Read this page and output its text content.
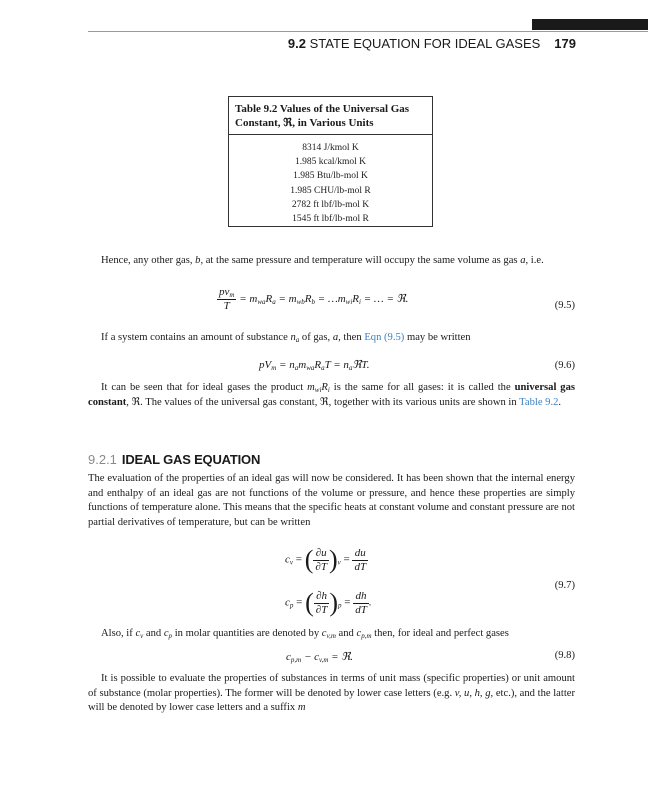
9.2 STATE EQUATION FOR IDEAL GASES 179
Table 9.2 Values of the Universal Gas
Constant, ℜ, in Various Units
8314 J/kmol K
1.985 kcal/kmol K
1.985 Btu/lb-mol K
1.985 CHU/lb-mol R
2782 ft lbf/lb-mol K
1545 ft lbf/lb-mol R

Hence, any other gas, b, at the same pressure and temperature will occupy the same volume as gas a, i.e.

$\frac{pv_m}{T} = m_{wa}R_a = m_{wb}R_b$ = $\dots m_{wi}R_i$ = … = ℜ.
(9.5)

If a system contains an amount of substance $n_a$ of gas, a, then Eqn (9.5) may be written

$pV_m = n_am_{wa}R_aT$ = $n_aℜT$.	(9.6)

It can be seen that for ideal gases the product $m_{wi}R_i$ is the same for all gases: it is called the universal gas constant, ℜ. The values of the universal gas constant, ℜ, together with its various units are shown in Table 9.2.

9.2.1 IDEAL GAS EQUATION

The evaluation of the properties of an ideal gas will now be considered. It has been shown that the internal energy and enthalpy of an ideal gas are not functions of the volume or pressure, and hence these properties are simply functions of temperature alone. This means that the specific heats at constant volume and constant pressure are not partial derivatives of temperature, but can be written

$c_v$ = ( $\frac{\partial u}{\partial T} )_v = \frac{du}{dT}$
$c_p$ = ( $\frac{\partial h}{\partial T} )_p = \frac{dh}{dT}$ .
(9.7)

Also, if $c_v$ and $c_p$ in molar quantities are denoted by $c_{v,m}$ and $c_{p,m}$ then, for ideal and perfect gases

$c_{p,m} - c_{v,m}$ = ℜ.	(9.8)

It is possible to evaluate the properties of substances in terms of unit mass (specific properties) or unit amount of substance (molar properties). The former will be denoted by lower case letters (e.g. v, u, h, g, etc.), and the latter will be denoted by lower case letters and a suffix m
